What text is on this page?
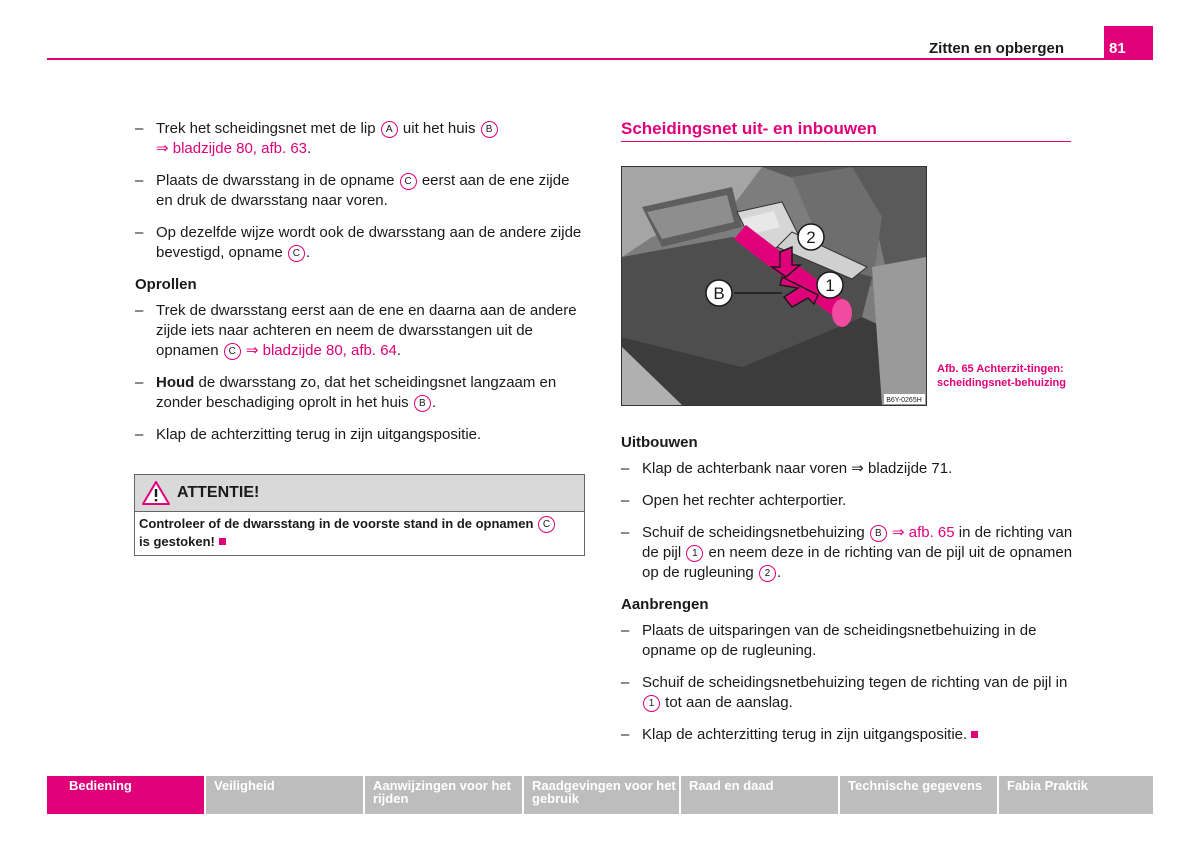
Zitten en opbergen	81
– Trek het scheidingsnet met de lip A uit het huis B
⇒ bladzijde 80, afb. 63.
– Plaats de dwarsstang in de opname C eerst aan de ene zijde en druk de dwarsstang naar voren.
– Op dezelfde wijze wordt ook de dwarsstang aan de andere zijde bevestigd, opname C .
Oprollen
– Trek de dwarsstang eerst aan de ene en daarna aan de andere zijde iets naar achteren en neem de dwarsstangen uit de opnamen C ⇒ bladzijde 80, afb. 64.
– Houd de dwarsstang zo, dat het scheidingsnet langzaam en zonder beschadiging oprolt in het huis B .
– Klap de achterzitting terug in zijn uitgangspositie.
ATTENTIE!
Controleer of de dwarsstang in de voorste stand in de opnamen C
is gestoken!
Scheidingsnet uit- en inbouwen
B	1
2
B6Y-0265H
Afb. 65 Achterzit-tingen: scheidingsnet-behuizing
Uitbouwen
– Klap de achterbank naar voren ⇒ bladzijde 71.
– Open het rechter achterportier.
– Schuif de scheidingsnetbehuizing B ⇒ afb. 65 in de richting van de pijl 1 en neem deze in de richting van de pijl uit de opnamen op de rugleuning 2 .
Aanbrengen
– Plaats de uitsparingen van de scheidingsnetbehuizing in de opname op de rugleuning.
– Schuif de scheidingsnetbehuizing tegen de richting van de pijl in 1 tot aan de aanslag.
– Klap de achterzitting terug in zijn uitgangspositie.
Bediening	Veiligheid	Aanwijzingen voor het rijden
Raadgevingen voor het gebruik
Raad en daad	Technische gegevens	Fabia Praktik
